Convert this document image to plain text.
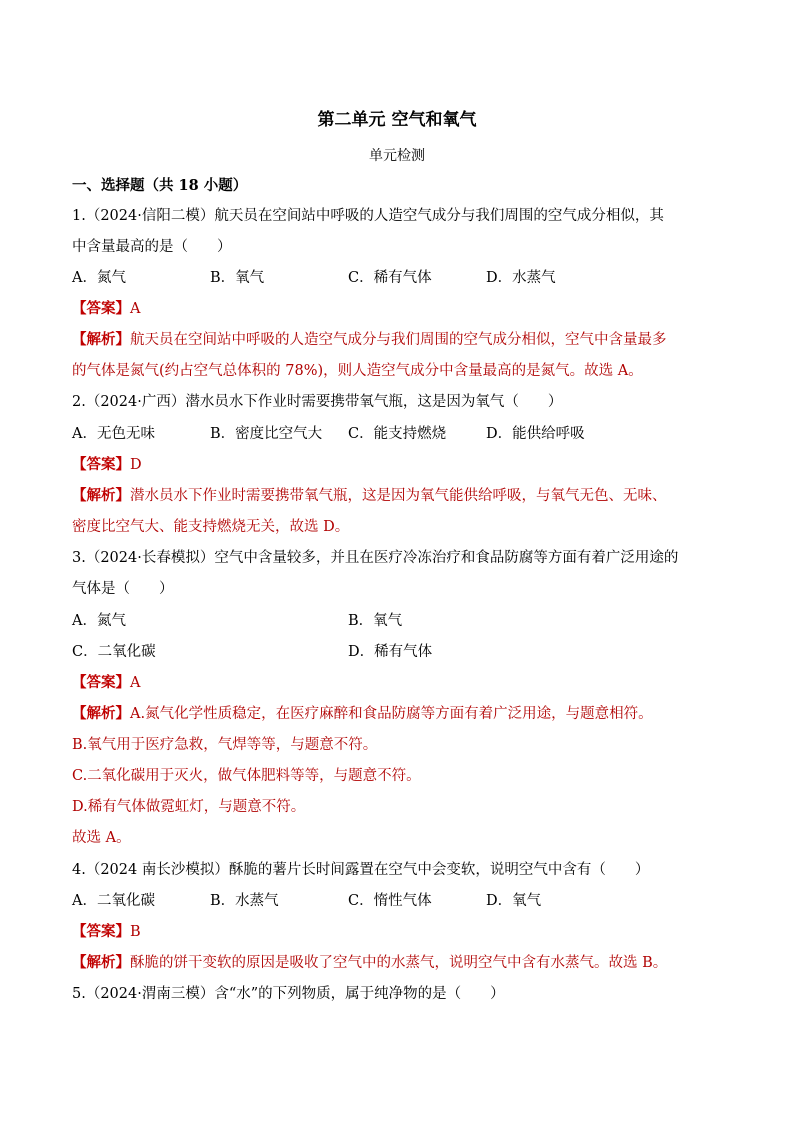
第二单元 空气和氧气
单元检测
一、选择题（共 18 小题）
1.（2024·信阳二模）航天员在空间站中呼吸的人造空气成分与我们周围的空气成分相似，其
中含量最高的是（　　）
A．氮气	B．氧气	C．稀有气体	D．水蒸气
【答案】A
【解析】航天员在空间站中呼吸的人造空气成分与我们周围的空气成分相似，空气中含量最多
的气体是氮气(约占空气总体积的 78%)，则人造空气成分中含量最高的是氮气。故选 A。
2.（2024·广西）潜水员水下作业时需要携带氧气瓶，这是因为氧气（　　）
A．无色无味	B．密度比空气大 C．能支持燃烧	D．能供给呼吸
【答案】D
【解析】潜水员水下作业时需要携带氧气瓶，这是因为氧气能供给呼吸，与氧气无色、无味、
密度比空气大、能支持燃烧无关，故选 D。
3.（2024·长春模拟）空气中含量较多，并且在医疗冷冻治疗和食品防腐等方面有着广泛用途的
气体是（　　）
A．氮气	B．氧气
C．二氧化碳	D．稀有气体
【答案】A
【解析】A.氮气化学性质稳定，在医疗麻醉和食品防腐等方面有着广泛用途，与题意相符。
B.氧气用于医疗急救，气焊等等，与题意不符。
C.二氧化碳用于灭火，做气体肥料等等，与题意不符。
D.稀有气体做霓虹灯，与题意不符。
故选 A。
4.（2024 南长沙模拟）酥脆的薯片长时间露置在空气中会变软，说明空气中含有（　　）
A．二氧化碳	B．水蒸气	C．惰性气体	D．氧气
【答案】B
【解析】酥脆的饼干变软的原因是吸收了空气中的水蒸气，说明空气中含有水蒸气。故选 B。
5.（2024·渭南三模）含“水”的下列物质，属于纯净物的是（　　）
